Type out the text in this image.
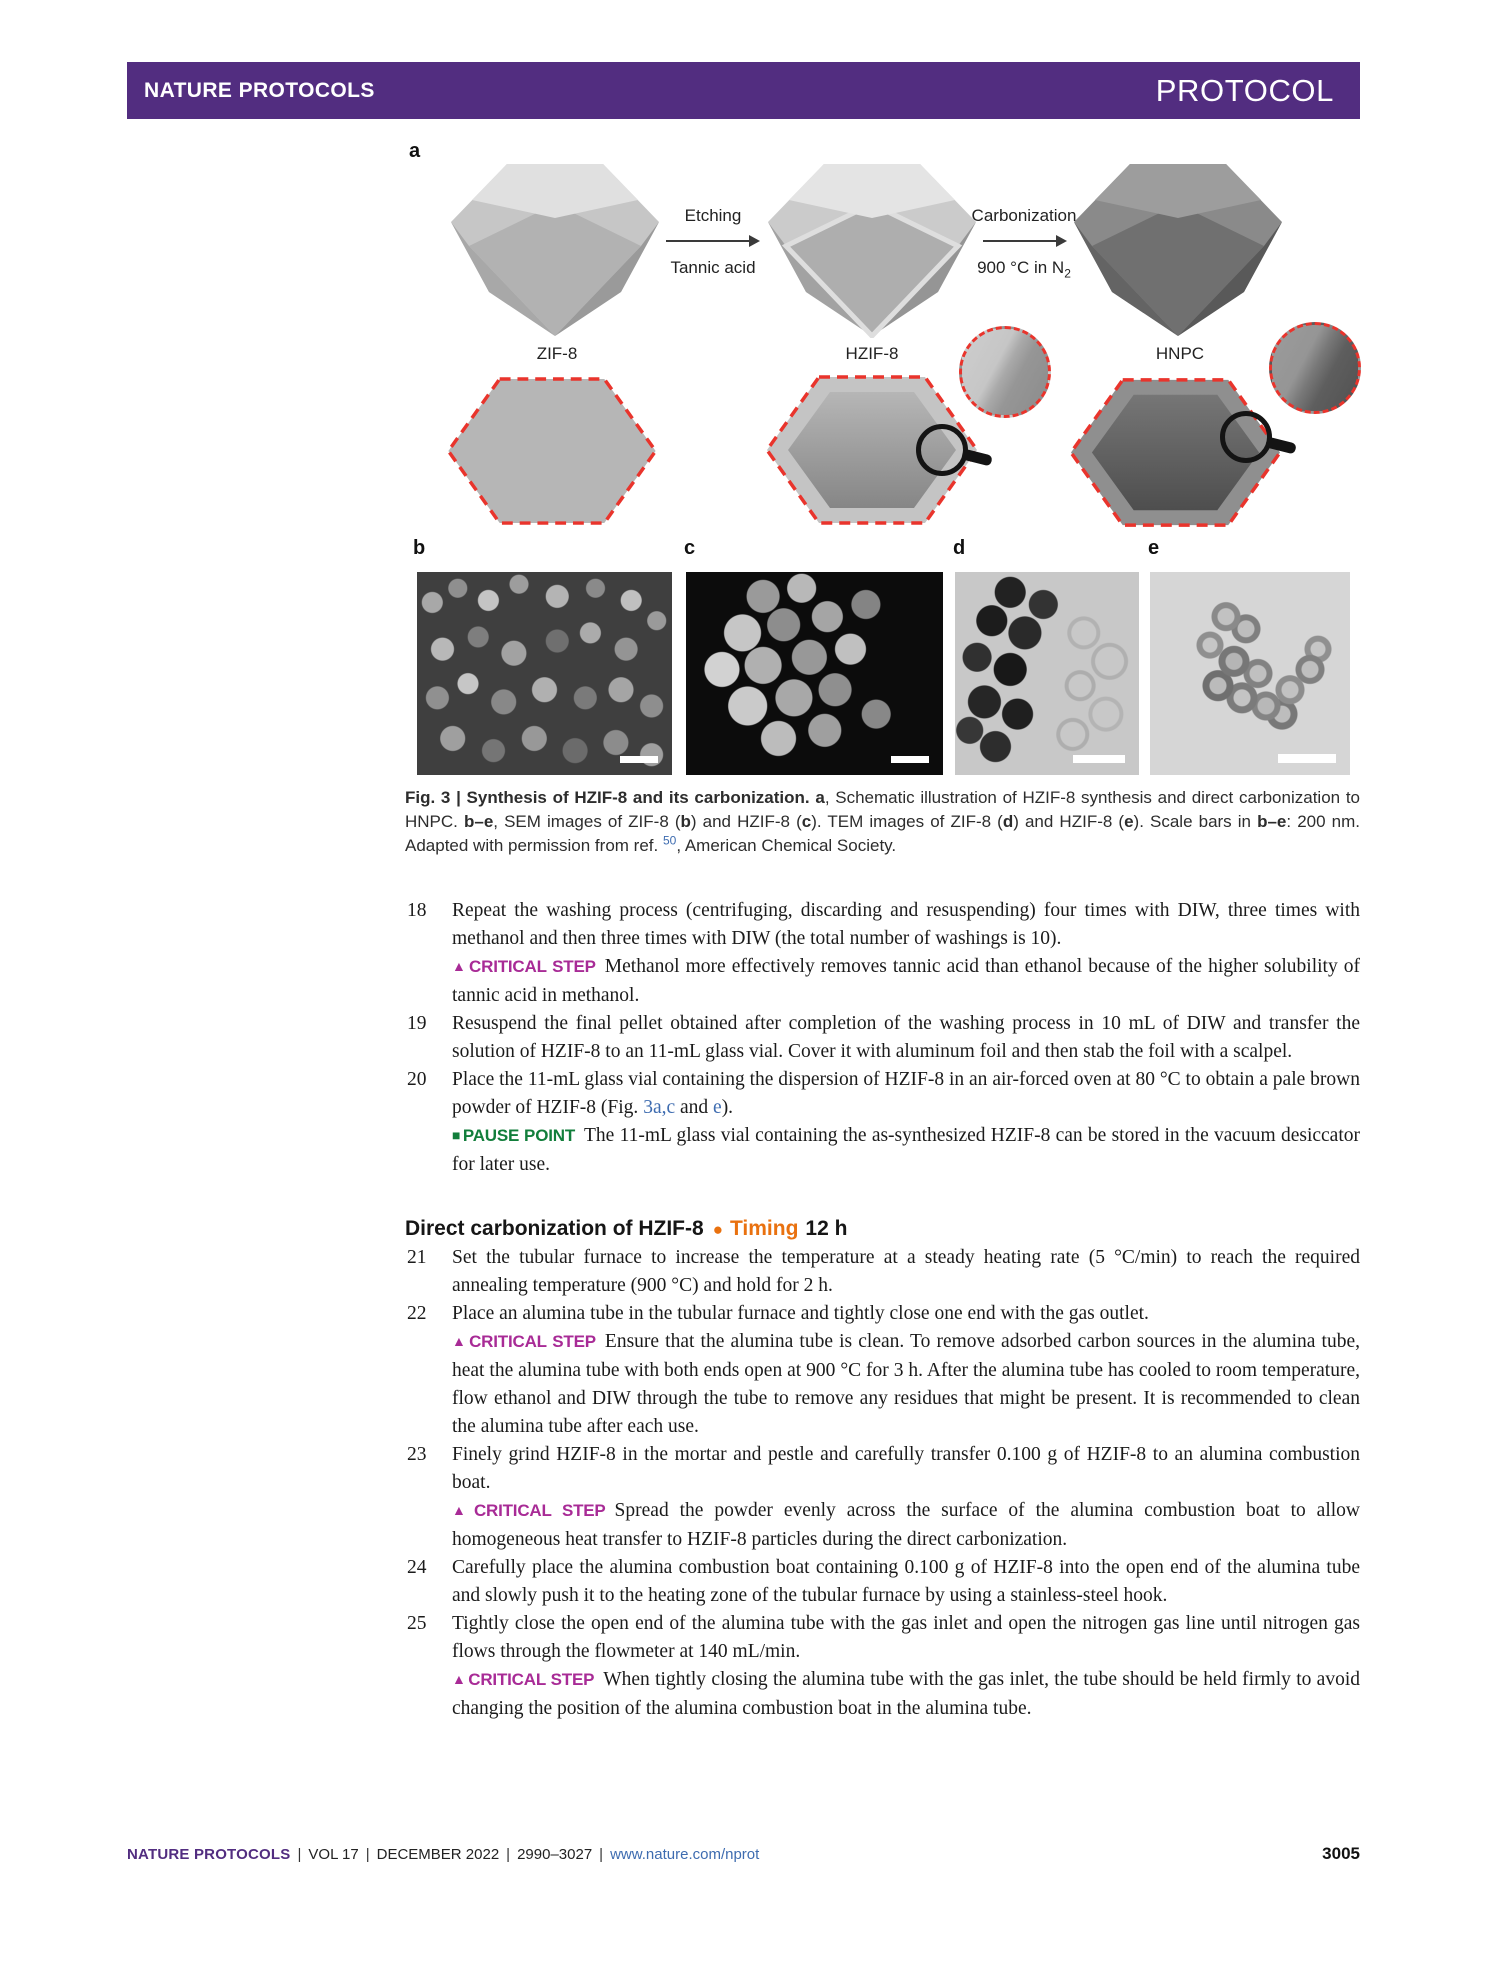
NATURE PROTOCOLS	PROTOCOL
a
Etching
Tannic acid
Carbonization
900 °C in $N_2$
ZIF-8	HZIF-8	HNPC
b	c	d	e

Fig. 3 | Synthesis of HZIF-8 and its carbonization. a, Schematic illustration of HZIF-8 synthesis and direct carbonization to HNPC. b–e, SEM images of ZIF-8 (b) and HZIF-8 (c). TEM images of ZIF-8 (d) and HZIF-8 (e). Scale bars in b–e: 200 nm. Adapted with permission from ref. $^{50}$, American Chemical Society.

18 Repeat the washing process (centrifuging, discarding and resuspending) four times with DIW, three times with methanol and then three times with DIW (the total number of washings is 10).
▲ CRITICAL STEP Methanol more effectively removes tannic acid than ethanol because of the higher solubility of tannic acid in methanol.
19 Resuspend the final pellet obtained after completion of the washing process in 10 mL of DIW and transfer the solution of HZIF-8 to an 11-mL glass vial. Cover it with aluminum foil and then stab the foil with a scalpel.
20 Place the 11-mL glass vial containing the dispersion of HZIF-8 in an air-forced oven at 80 °C to obtain a pale brown powder of HZIF-8 (Fig. 3a,c and e).
■ PAUSE POINT The 11-mL glass vial containing the as-synthesized HZIF-8 can be stored in the vacuum desiccator for later use.
Direct carbonization of HZIF-8 ● Timing 12 h
21 Set the tubular furnace to increase the temperature at a steady heating rate (5 °C/min) to reach the required annealing temperature (900 °C) and hold for 2 h.
22 Place an alumina tube in the tubular furnace and tightly close one end with the gas outlet.
▲ CRITICAL STEP Ensure that the alumina tube is clean. To remove adsorbed carbon sources in the alumina tube, heat the alumina tube with both ends open at 900 °C for 3 h. After the alumina tube has cooled to room temperature, flow ethanol and DIW through the tube to remove any residues that might be present. It is recommended to clean the alumina tube after each use.
23 Finely grind HZIF-8 in the mortar and pestle and carefully transfer 0.100 g of HZIF-8 to an alumina combustion boat.
▲ CRITICAL STEP Spread the powder evenly across the surface of the alumina combustion boat to allow homogeneous heat transfer to HZIF-8 particles during the direct carbonization.
24 Carefully place the alumina combustion boat containing 0.100 g of HZIF-8 into the open end of the alumina tube and slowly push it to the heating zone of the tubular furnace by using a stainless-steel hook.
25 Tightly close the open end of the alumina tube with the gas inlet and open the nitrogen gas line until nitrogen gas flows through the flowmeter at 140 mL/min.
▲ CRITICAL STEP When tightly closing the alumina tube with the gas inlet, the tube should be held firmly to avoid changing the position of the alumina combustion boat in the alumina tube.
NATURE PROTOCOLS | VOL 17 | DECEMBER 2022 | 2990–3027 | www.nature.com/nprot	3005
